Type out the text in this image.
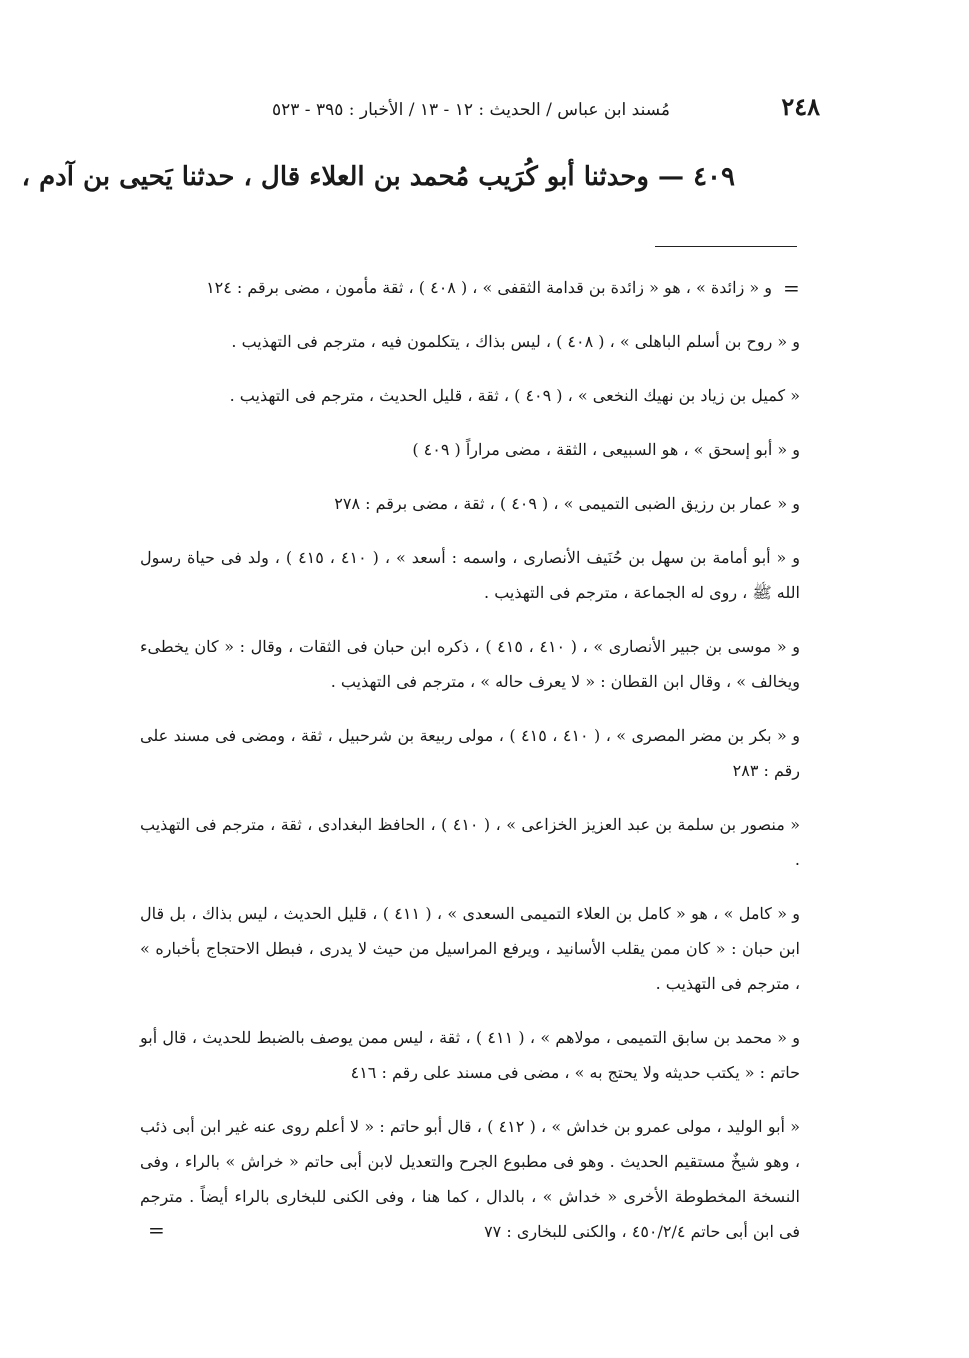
٢٤٨
مُسند ابن عباس / الحديث : ١٢ - ١٣ / الأخبار : ٣٩٥ - ٥٢٣
٤٠٩ — وحدثنا أبو كُرَيب مُحمد بن العلاء قال ، حدثنا يَحيى بن آدم ،
=

و « زائدة » ، هو « زائدة بن قدامة الثقفى » ، ( ٤٠٨ ) ، ثقة مأمون ، مضى برقم : ١٢٤

و « روح بن أسلم الباهلى » ، ( ٤٠٨ ) ، ليس بذاك ، يتكلمون فيه ، مترجم فى التهذيب .

« كميل بن زياد بن نهيك النخعى » ، ( ٤٠٩ ) ، ثقة ، قليل الحديث ، مترجم فى التهذيب .

و « أبو إسحق » ، هو السبيعى ، الثقة ، مضى مراراً ( ٤٠٩ )

و « عمار بن رزيق الضبى التميمى » ، ( ٤٠٩ ) ، ثقة ، مضى برقم : ٢٧٨

و « أبو أمامة بن سهل بن حُنَيف الأنصارى ، واسمه : أسعد » ، ( ٤١٠ ، ٤١٥ ) ، ولد فى حياة رسول الله ﷺ ، روى له الجماعة ، مترجم فى التهذيب .

و « موسى بن جبير الأنصارى » ، ( ٤١٠ ، ٤١٥ ) ، ذكره ابن حبان فى الثقات ، وقال : « كان يخطىء ويخالف » ، وقال ابن القطان : « لا يعرف حاله » ، مترجم فى التهذيب .

و « بكر بن مضر المصرى » ، ( ٤١٠ ، ٤١٥ ) ، مولى ربيعة بن شرحبيل ، ثقة ، ومضى فى مسند على رقم : ٢٨٣

« منصور بن سلمة بن عبد العزيز الخزاعى » ، ( ٤١٠ ) ، الحافظ البغدادى ، ثقة ، مترجم فى التهذيب .

و « كامل » ، هو « كامل بن العلاء التميمى السعدى » ، ( ٤١١ ) ، قليل الحديث ، ليس بذاك ، بل قال ابن حبان : « كان ممن يقلب الأسانيد ، ويرفع المراسيل من حيث لا يدرى ، فبطل الاحتجاج بأخباره » ، مترجم فى التهذيب .

و « محمد بن سابق التميمى ، مولاهم » ، ( ٤١١ ) ، ثقة ، ليس ممن يوصف بالضبط للحديث ، قال أبو حاتم : « يكتب حديثه ولا يحتج به » ، مضى فى مسند على رقم : ٤١٦

« أبو الوليد ، مولى عمرو بن خداش » ، ( ٤١٢ ) ، قال أبو حاتم : « لا أعلم روى عنه غير ابن أبى ذئب ، وهو شيخٌ مستقيم الحديث . وهو فى مطبوع الجرح والتعديل لابن أبى حاتم « خراش » بالراء ، وفى النسخة المخطوطة الأخرى « خداش » ، بالدال ، كما هنا ، وفى الكنى للبخارى بالراء أيضاً . مترجم فى ابن أبى حاتم ٤٥٠/٢/٤ ، والكنى للبخارى : ٧٧

=
